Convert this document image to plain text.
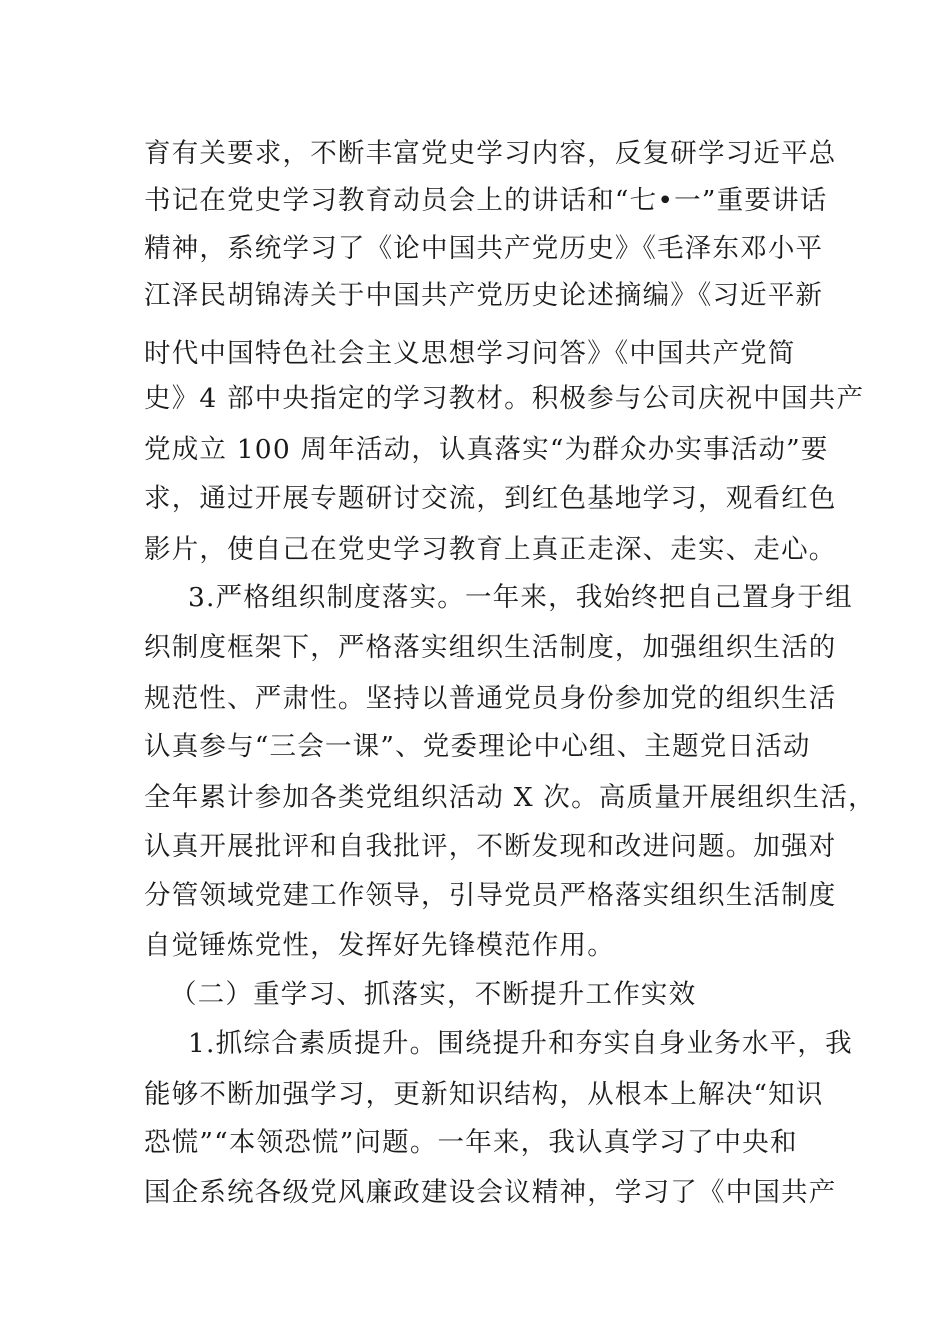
育有关要求，不断丰富党史学习内容，反复研学习近平总
书记在党史学习教育动员会上的讲话和“七•一”重要讲话
精神，系统学习了《论中国共产党历史》《毛泽东邓小平
江泽民胡锦涛关于中国共产党历史论述摘编》《习近平新
时代中国特色社会主义思想学习问答》《中国共产党简
史》4 部中央指定的学习教材。积极参与公司庆祝中国共产
党成立 100 周年活动，认真落实“为群众办实事活动”要
求，通过开展专题研讨交流，到红色基地学习，观看红色
影片，使自己在党史学习教育上真正走深、走实、走心。
3.严格组织制度落实。一年来，我始终把自己置身于组
织制度框架下，严格落实组织生活制度，加强组织生活的
规范性、严肃性。坚持以普通党员身份参加党的组织生活
认真参与“三会一课”、党委理论中心组、主题党日活动
全年累计参加各类党组织活动 X 次。高质量开展组织生活，
认真开展批评和自我批评，不断发现和改进问题。加强对
分管领域党建工作领导，引导党员严格落实组织生活制度
自觉锤炼党性，发挥好先锋模范作用。
（二）重学习、抓落实，不断提升工作实效
1.抓综合素质提升。围绕提升和夯实自身业务水平，我
能够不断加强学习，更新知识结构，从根本上解决“知识
恐慌”“本领恐慌”问题。一年来，我认真学习了中央和
国企系统各级党风廉政建设会议精神，学习了《中国共产
